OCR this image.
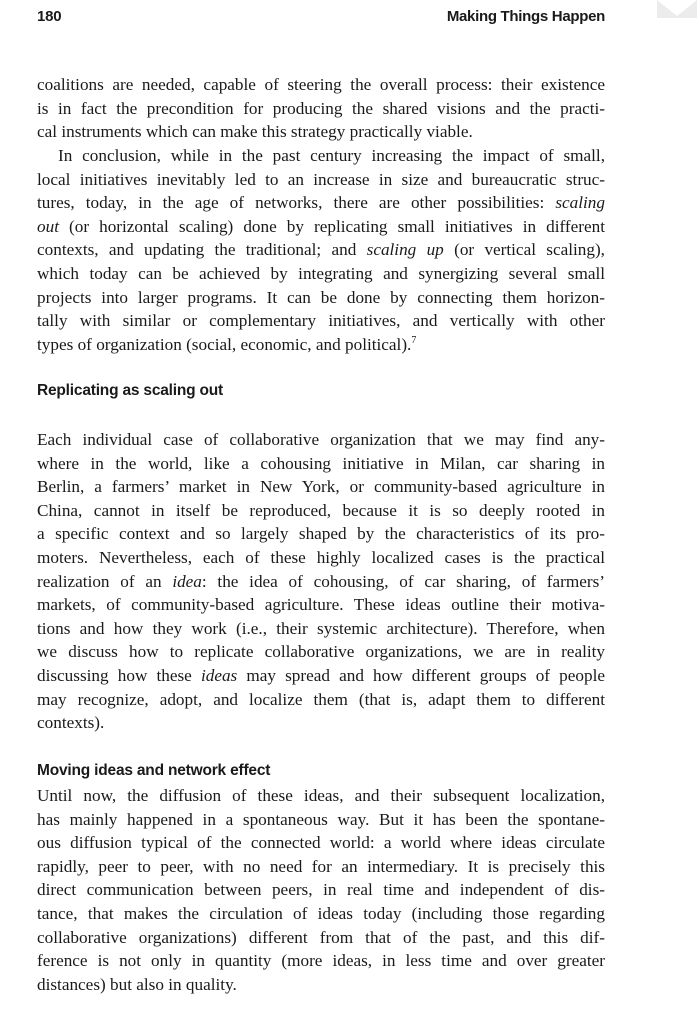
180	Making Things Happen
coalitions are needed, capable of steering the overall process: their existence
is in fact the precondition for producing the shared visions and the practi-
cal instruments which can make this strategy practically viable.
In conclusion, while in the past century increasing the impact of small,
local initiatives inevitably led to an increase in size and bureaucratic struc-
tures, today, in the age of networks, there are other possibilities: scaling
out (or horizontal scaling) done by replicating small initiatives in different
contexts, and updating the traditional; and scaling up (or vertical scaling),
which today can be achieved by integrating and synergizing several small
projects into larger programs. It can be done by connecting them horizon-
tally with similar or complementary initiatives, and vertically with other
types of organization (social, economic, and political).$^7$
Replicating as scaling out
Each individual case of collaborative organization that we may find any-
where in the world, like a cohousing initiative in Milan, car sharing in
Berlin, a farmers’ market in New York, or community-based agriculture in
China, cannot in itself be reproduced, because it is so deeply rooted in
a specific context and so largely shaped by the characteristics of its pro-
moters. Nevertheless, each of these highly localized cases is the practical
realization of an idea: the idea of cohousing, of car sharing, of farmers’
markets, of community-based agriculture. These ideas outline their motiva-
tions and how they work (i.e., their systemic architecture). Therefore, when
we discuss how to replicate collaborative organizations, we are in reality
discussing how these ideas may spread and how different groups of people
may recognize, adopt, and localize them (that is, adapt them to different
contexts).
Moving ideas and network effect
Until now, the diffusion of these ideas, and their subsequent localization,
has mainly happened in a spontaneous way. But it has been the spontane-
ous diffusion typical of the connected world: a world where ideas circulate
rapidly, peer to peer, with no need for an intermediary. It is precisely this
direct communication between peers, in real time and independent of dis-
tance, that makes the circulation of ideas today (including those regarding
collaborative organizations) different from that of the past, and this dif-
ference is not only in quantity (more ideas, in less time and over greater
distances) but also in quality.
